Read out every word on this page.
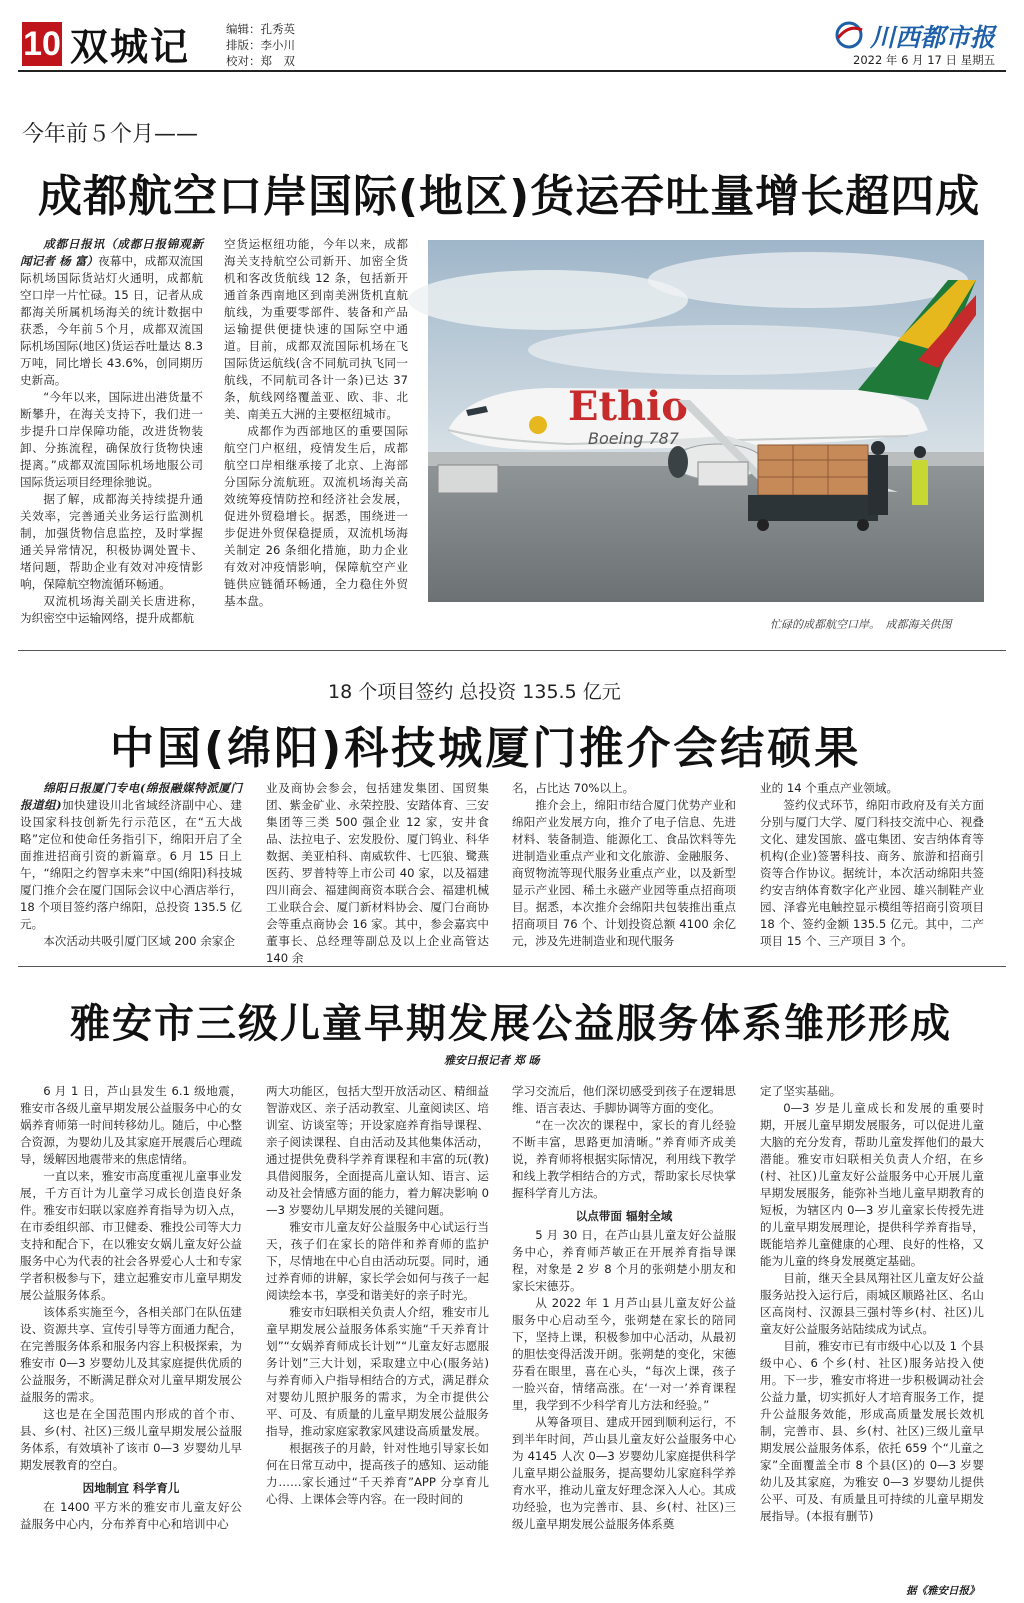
10 双城记	编辑：孔秀英
排版：李小川
校对：郑　双
川西都市报
2022 年 6 月 17 日 星期五
今年前５个月——
成都航空口岸国际(地区)货运吞吐量增长超四成

成都日报讯（成都日报锦观新闻记者 杨 富）夜幕中，成都双流国际机场国际货站灯火通明，成都航空口岸一片忙碌。15 日，记者从成都海关所属机场海关的统计数据中获悉，今年前５个月，成都双流国际机场国际(地区)货运吞吐量达 8.3万吨，同比增长 43.6%，创同期历史新高。

“今年以来，国际进出港货量不断攀升，在海关支持下，我们进一步提升口岸保障功能，改进货物装卸、分拣流程，确保放行货物快速提离。”成都双流国际机场地服公司国际货运项目经理徐驰说。

据了解，成都海关持续提升通关效率，完善通关业务运行监测机制，加强货物信息监控，及时掌握通关异常情况，积极协调处置卡、堵问题，帮助企业有效对冲疫情影响，保障航空物流循环畅通。

双流机场海关副关长唐进称，为织密空中运输网络，提升成都航

空货运枢纽功能，今年以来，成都海关支持航空公司新开、加密全货机和客改货航线 12 条，包括新开通首条西南地区到南美洲货机直航航线，为重要零部件、装备和产品运输提供便捷快速的国际空中通道。目前，成都双流国际机场在飞国际货运航线(含不同航司执飞同一航线，不同航司各计一条)已达 37 条，航线网络覆盖亚、欧、非、北美、南美五大洲的主要枢纽城市。

成都作为西部地区的重要国际航空门户枢纽，疫情发生后，成都航空口岸相继承接了北京、上海部分国际分流航班。双流机场海关高效统筹疫情防控和经济社会发展，促进外贸稳增长。据悉，围绕进一步促进外贸保稳提质，双流机场海关制定 26 条细化措施，助力企业有效对冲疫情影响，保障航空产业链供应链循环畅通，全力稳住外贸基本盘。

Ethio
Boeing 787
忙碌的成都航空口岸。　成都海关供图
18 个项目签约 总投资 135.5 亿元
中国(绵阳)科技城厦门推介会结硕果

绵阳日报厦门专电(绵报融媒特派厦门报道组)加快建设川北省域经济副中心、建设国家科技创新先行示范区，在“五大战略”定位和使命任务指引下，绵阳开启了全面推进招商引资的新篇章。6 月 15 日上午，“绵阳之约智享未来”中国(绵阳)科技城厦门推介会在厦门国际会议中心酒店举行，18 个项目签约落户绵阳，总投资 135.5 亿元。

本次活动共吸引厦门区域 200 余家企

业及商协会参会，包括建发集团、国贸集团、紫金矿业、永荣控股、安踏体育、三安集团等三类 500 强企业 12 家，安井食品、法拉电子、宏发股份、厦门钨业、科华数据、美亚柏科、南威软件、七匹狼、鹭燕医药、罗普特等上市公司 40 家，以及福建四川商会、福建闽商资本联合会、福建机械工业联合会、厦门新材料协会、厦门台商协会等重点商协会 16 家。其中，参会嘉宾中董事长、总经理等副总及以上企业高管达 140 余

名，占比达 70%以上。

推介会上，绵阳市结合厦门优势产业和绵阳产业发展方向，推介了电子信息、先进材料、装备制造、能源化工、食品饮料等先进制造业重点产业和文化旅游、金融服务、商贸物流等现代服务业重点产业，以及新型显示产业园、稀土永磁产业园等重点招商项目。据悉，本次推介会绵阳共包装推出重点招商项目 76 个、计划投资总额 4100 余亿元，涉及先进制造业和现代服务

业的 14 个重点产业领域。

签约仪式环节，绵阳市政府及有关方面分别与厦门大学、厦门科技交流中心、视叠文化、建发国旅、盛屯集团、安吉纳体育等机构(企业)签署科技、商务、旅游和招商引资等合作协议。据统计，本次活动绵阳共签约安吉纳体育数字化产业园、雄兴制鞋产业园、泽睿光电触控显示模组等招商引资项目 18 个、签约金额 135.5 亿元。其中，二产项目 15 个、三产项目 3 个。

雅安市三级儿童早期发展公益服务体系雏形形成
雅安日报记者 郑 旸

6 月 1 日，芦山县发生 6.1 级地震，雅安市各级儿童早期发展公益服务中心的女娲养育师第一时间转移幼儿。随后，中心整合资源，为婴幼儿及其家庭开展震后心理疏导，缓解因地震带来的焦虑情绪。

一直以来，雅安市高度重视儿童事业发展，千方百计为儿童学习成长创造良好条件。雅安市妇联以家庭养育指导为切入点，在市委组织部、市卫健委、雅投公司等大力支持和配合下，在以雅安女娲儿童友好公益服务中心为代表的社会各界爱心人士和专家学者积极参与下，建立起雅安市儿童早期发展公益服务体系。

该体系实施至今，各相关部门在队伍建设、资源共享、宣传引导等方面通力配合，在完善服务体系和服务内容上积极探索，为雅安市 0—3 岁婴幼儿及其家庭提供优质的公益服务，不断满足群众对儿童早期发展公益服务的需求。

这也是在全国范围内形成的首个市、县、乡(村、社区)三级儿童早期发展公益服务体系，有效填补了该市 0—3 岁婴幼儿早期发展教育的空白。

因地制宜 科学育儿

在 1400 平方米的雅安市儿童友好公益服务中心内，分布养育中心和培训中心

两大功能区，包括大型开放活动区、精细益智游戏区、亲子活动教室、儿童阅读区、培训室、访谈室等；开设家庭养育指导课程、亲子阅读课程、自由活动及其他集体活动，通过提供免费科学养育课程和丰富的玩(教)具借阅服务，全面提高儿童认知、语言、运动及社会情感方面的能力，着力解决影响 0—3 岁婴幼儿早期发展的关键问题。

雅安市儿童友好公益服务中心试运行当天，孩子们在家长的陪伴和养育师的监护下，尽情地在中心自由活动玩耍。同时，通过养育师的讲解，家长学会如何与孩子一起阅读绘本书，享受和谐美好的亲子时光。

雅安市妇联相关负责人介绍，雅安市儿童早期发展公益服务体系实施“千天养育计划”“女娲养育师成长计划”“儿童友好志愿服务计划”三大计划，采取建立中心(服务站)与养育师入户指导相结合的方式，满足群众对婴幼儿照护服务的需求，为全市提供公平、可及、有质量的儿童早期发展公益服务指导，推动家庭家教家风建设高质量发展。

根据孩子的月龄，针对性地引导家长如何在日常互动中，提高孩子的感知、运动能力……家长通过“千天养育”APP 分享育儿心得、上课体会等内容。在一段时间的

学习交流后，他们深切感受到孩子在逻辑思维、语言表达、手脚协调等方面的变化。

“在一次次的课程中，家长的育儿经验不断丰富，思路更加清晰。”养育师齐成美说，养育师将根据实际情况，利用线下教学和线上教学相结合的方式，帮助家长尽快掌握科学育儿方法。

以点带面 辐射全域

5 月 30 日，在芦山县儿童友好公益服务中心，养育师芦敏正在开展养育指导课程，对象是 2 岁 8 个月的张朔楚小朋友和家长宋德芬。

从 2022 年 1 月芦山县儿童友好公益服务中心启动至今，张朔楚在家长的陪同下，坚持上课，积极参加中心活动，从最初的胆怯变得活泼开朗。张朔楚的变化，宋德芬看在眼里，喜在心头，“每次上课，孩子一脸兴奋，情绪高涨。在‘一对一’养育课程里，我学到不少科学育儿方法和经验。”

从筹备项目、建成开园到顺利运行，不到半年时间，芦山县儿童友好公益服务中心为 4145 人次 0—3 岁婴幼儿家庭提供科学儿童早期公益服务，提高婴幼儿家庭科学养育水平，推动儿童友好理念深入人心。其成功经验，也为完善市、县、乡(村、社区)三级儿童早期发展公益服务体系奠

定了坚实基础。

0—3 岁是儿童成长和发展的重要时期，开展儿童早期发展服务，可以促进儿童大脑的充分发育，帮助儿童发挥他们的最大潜能。雅安市妇联相关负责人介绍，在乡(村、社区)儿童友好公益服务中心开展儿童早期发展服务，能弥补当地儿童早期教育的短板，为辖区内 0—3 岁儿童家长传授先进的儿童早期发展理论，提供科学养育指导，既能培养儿童健康的心理、良好的性格，又能为儿童的终身发展奠定基础。

目前，继天全县凤翔社区儿童友好公益服务站投入运行后，雨城区顺路社区、名山区高岗村、汉源县三强村等乡(村、社区)儿童友好公益服务站陆续成为试点。

目前，雅安市已有市级中心以及 1 个县级中心、6 个乡(村、社区)服务站投入使用。下一步，雅安市将进一步积极调动社会公益力量，切实抓好人才培育服务工作，提升公益服务效能，形成高质量发展长效机制，完善市、县、乡(村、社区)三级儿童早期发展公益服务体系，依托 659 个“儿童之家”全面覆盖全市 8 个县(区)的 0—3 岁婴幼儿及其家庭，为雅安 0—3 岁婴幼儿提供公平、可及、有质量且可持续的儿童早期发展指导。(本报有删节)

据《雅安日报》
